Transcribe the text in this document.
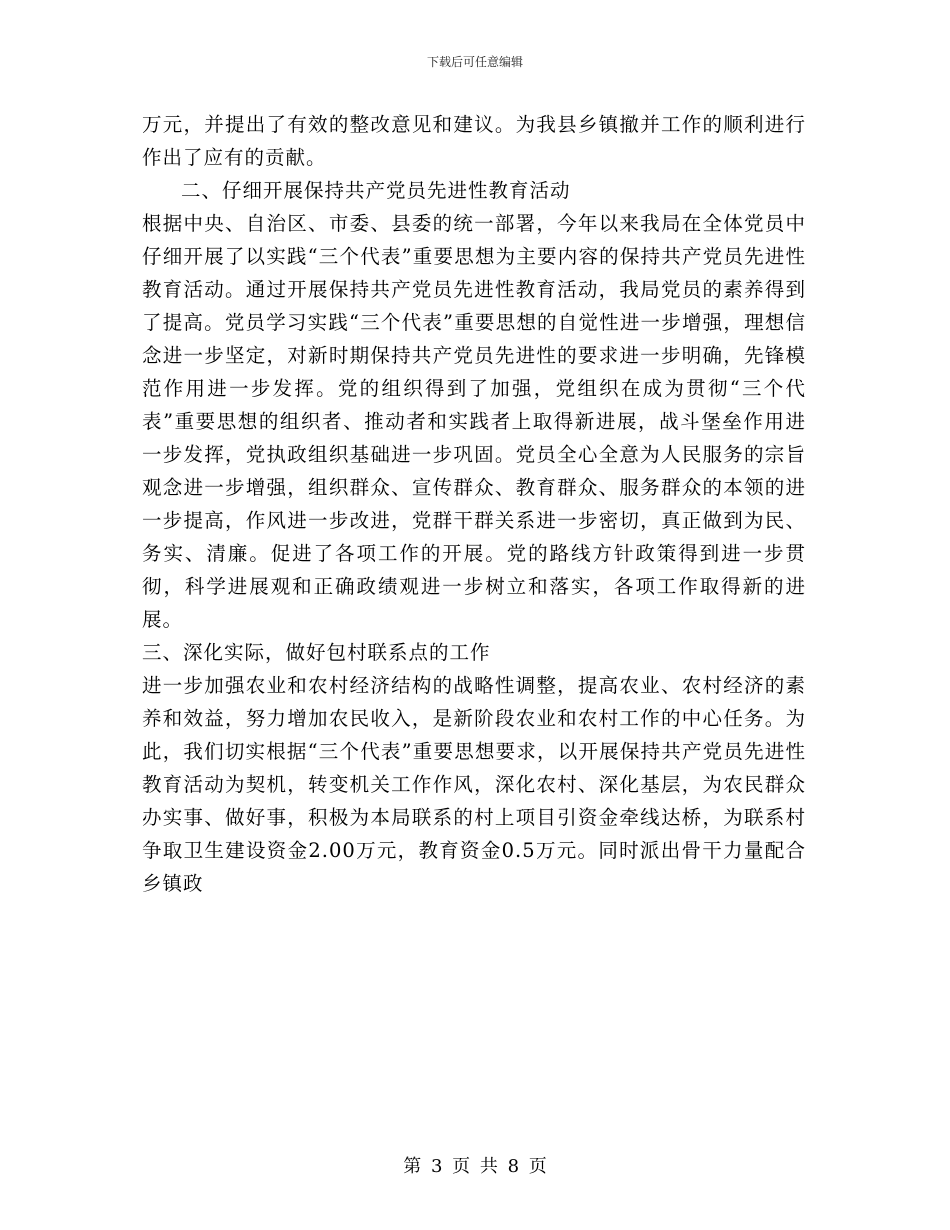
下载后可任意编辑

万元，并提出了有效的整改意见和建议。为我县乡镇撤并工作的顺利进行作出了应有的贡献。

二、仔细开展保持共产党员先进性教育活动

根据中央、自治区、市委、县委的统一部署，今年以来我局在全体党员中仔细开展了以实践“三个代表”重要思想为主要内容的保持共产党员先进性教育活动。通过开展保持共产党员先进性教育活动，我局党员的素养得到了提高。党员学习实践“三个代表”重要思想的自觉性进一步增强，理想信念进一步坚定，对新时期保持共产党员先进性的要求进一步明确，先锋模范作用进一步发挥。党的组织得到了加强，党组织在成为贯彻“三个代表”重要思想的组织者、推动者和实践者上取得新进展，战斗堡垒作用进一步发挥，党执政组织基础进一步巩固。党员全心全意为人民服务的宗旨观念进一步增强，组织群众、宣传群众、教育群众、服务群众的本领的进一步提高，作风进一步改进，党群干群关系进一步密切，真正做到为民、务实、清廉。促进了各项工作的开展。党的路线方针政策得到进一步贯彻，科学进展观和正确政绩观进一步树立和落实，各项工作取得新的进展。

三、深化实际，做好包村联系点的工作

进一步加强农业和农村经济结构的战略性调整，提高农业、农村经济的素养和效益，努力增加农民收入，是新阶段农业和农村工作的中心任务。为此，我们切实根据“三个代表”重要思想要求，以开展保持共产党员先进性教育活动为契机，转变机关工作作风，深化农村、深化基层，为农民群众办实事、做好事，积极为本局联系的村上项目引资金牵线达桥，为联系村争取卫生建设资金2.00万元，教育资金0.5万元。同时派出骨干力量配合乡镇政

第 3 页 共 8 页
